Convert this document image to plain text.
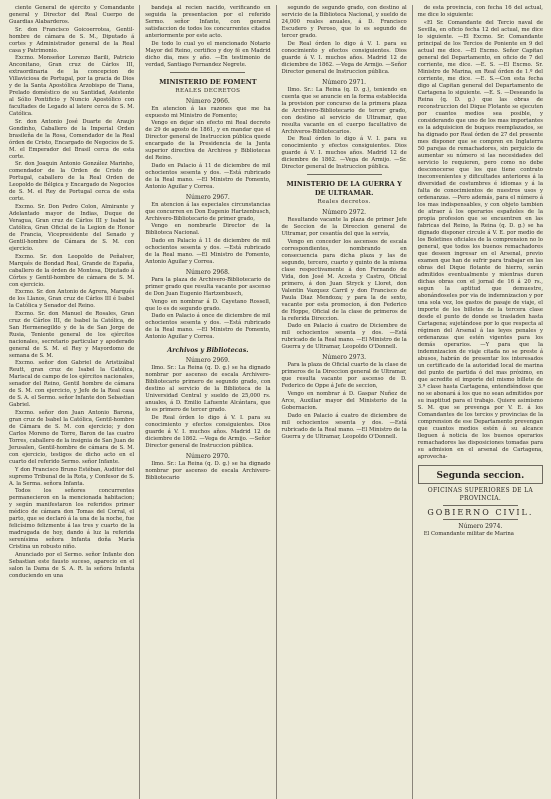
ciente General de ejército y Comandante general y Director del Real Cuerpo de Guardias Alabarderos.

Sr. don Francisco Goicoerrotea, Gentil-hombre de cámara de S. M., Diputado á cortes y Administrador general de la Real casa y Patrimonio.

Excmo. Monseñor Lorenzo Barili, Patricio Anconitano, Gran cruz de Cárlos III, extraordinaria de la concepcion de Villaviciosa de Portugal, por la gracia de Dios y de la Santa Apostólica Arzobispo de Tiana, Prelado doméstico de su Santidad, Asistente al Sólio Pontificio y Nuncio Apostólico con facultades de Legado al latere cerca de S. M. Católica.

Sr. don Antonio José Duarte de Araujo Gondinho, Caballero de la Imperial Orden brasileña de la Rosa, Comendador de la Real órden de Cristo, Encargado de Negocios de S. M. el Emperador del Brasil cerca de esta corte.

Sr. don Joaquin Antonio González Marinho, comendador de la Orden de Cristo de Portugal, caballero de la Real Orden de Leopoldo de Bélgica y Encargado de Negocios de S. M. el Rey de Portugal cerca de esta corte.

Excmo. Sr. Don Pedro Colon, Almirante y Adelantado mayor de Indias, Duque de Veragua, Gran cruz de Cárlos III y Isabel la Católica, Gran Oficial de la Legion de Honor de Francia, Vicepresidente del Senado y Gentil-hombre de Cámara de S. M. con ejercicio.

Excmo. Sr. don Leopoldo de Peñalver, Marqués de Bondad Real, Grande de España, caballero de la órden de Montesa, Diputado á Córtes y Gentil-hombre de cámara de S. M. con ejercicio.

Excmo. Sr. don Antonio de Agrera, Marqués de los Llanos, Gran cruz de Cárlos III é Isabel la Católica y Senador del Reino.

Excmo. Sr. don Manuel de Rosales, Gran cruz de Cárlos III, de Isabel la Católica, de San Hermenegildo y de la de San Jorge de Rusia, Teniente general de los ejércitos nacionales, secretario particular y apoderado general de S. M. el Rey y Mayordomo de semana de S. M.

Excmo. señor don Gabriel de Aristizábal Reutt, gran cruz de Isabel la Católica, Mariscal de campo de los ejércitos nacionales, senador del Reino, Gentil hombre de cámara de S. M. con ejercicio, y Jefe de la Real casa de S. A. el Sermo. señor Infante don Sebastian Gabriel.

Excmo. señor don Juan Antonio Barona, gran cruz de Isabel la Católica, Gentil-hombre de Cámara de S. M. con ejercicio; y don Carlos Moreno de Torre, Baron de las cuatro Torres, caballero de la insignia de San Juan de Jerusalen, Gentil-hombre de cámara de S. M. con ejercicio, testigos de dicho acto en el cuarto del referido Sermo. señor Infante.

Y don Francisco Bruno Estéban, Auditor del supremo Tribunal de la Rota, y Confesor de S. A. la Serma. señora Infanta.

Todos los señores concurrentes permanecieron en la mencionada habitacion; y según manifestaron los referidos primer médico de cámara don Tomas del Corral, el parto, que se declaró á la una de la noche, fue felicísimo felizmente á las tres y cuarto de la madrugada de hoy, dando á luz la referida serenísima señora Infanta doña María Cristina un robusto niño.

Anunciado por el Sermo. señor Infante don Sebastian este fausto suceso, aparecio en el salon la Dama de S. A. R. la señora Infanta conduciendo en una

bandeja al recien nacido, verificando en seguida la presentacion por el referido Sermo. señor Infante, con general satisfaccion de todos los concurrentes citados anteriormente por este acto.

De todo lo cual yo el mencionado Notario Mayor del Reino, certifico y doy fé en Madrid dicho dia, mes y año. —En testimonio de verdad, Santiago Fernandez Negrete.

MINISTERIO DE FOMENT
REALES DECRETOS
Número 2966.

En atencion á las razones que me ha expuesto mi Ministro de Fomento;

Vengo en dejar sin efecto mi Real decreto de 29 de agosto de 1861, y en mandar que el Director general de Instruccion pública quede encargado de la Presidencia de la Junta superior directiva de Archivos y Bibliotecas del Reino.

Dado en Palacio á 11 de diciembre de mil ochocientos sesenta y dos. —Está rubricado de la Real mano. —El Ministro de Fomento, Antonio Aguilar y Correa.

Número 2967.

En atencion á las especiales circunstancias que concurren en Don Eugenio Hartzenbusch, Archivero-Bibliotecario de primer grado,

Vengo en nombrarle Director de la Biblioteca Nacional.

Dado en Palacio á 11 de diciembre de mil ochocientos sesenta y dos. —Está rubricado de la Real mano. —El Ministro de Fomento, Antonio Aguilar y Correa.

Número 2968.

Para la plaza de Archivero-Bibliotecario de primer grado que resulta vacante por ascenso de Don Juan Eugenio Hartzenbusch,

Vengo en nombrar á D. Cayetano Rossell, que lo es de segundo grado.

Dado en Palacio á once de diciembre de mil ochocientos sesenta y dos. —Está rubricado de la Real mano. —El Ministro de Fomento, Antonio Aguilar y Correa.

Archivos y Bibliotecas.
Número 2969.

Ilmo. Sr.: La Reina (q. D. g.) se ha dignado nombrar por ascenso de escala Archivero-Bibliotecario primero de segundo grado, con destino al servicio de la Biblioteca de la Universidad Central y sueldo de 25,000 rs. anuales, á D. Emilio Lafuente Alcántara, que lo es primero de tercer grado.

De Real órden lo digo á V. I. para su conocimiento y efectos consiguientes. Dios guarde á V. I. muchos años. Madrid 12 de diciembre de 1862. —Vega de Armijo. —Señor Director general de Instruccion pública.

Número 2970.

Ilmo. Sr.: La Reina (q. D. g.) se ha dignado nombrar por ascenso de escala Archivero-Bibliotecario

segundo de segundo grado, con destino al servicio de la Biblioteca Nacional, y sueldo de 24,000 reales anuales, á D. Francisco Escudero y Peroso, que lo es segundo de tercer grado.

De Real órden lo digo á V. I. para su conocimiento y efectos consiguientes. Dios guarde á V. I. muchos años. Madrid 12 de diciembre de 1862. —Vega de Armijo. —Señor Director general de Instruccion pública.

Número 2971.

Ilmo. Sr.: La Reina (q. D. g.), teniendo en cuenta que se anuncie en la forma establecida la provision por concurso de la primera plaza de Archivero-Bibliotecario de tercer grado, con destino al servicio de Ultramar, que resulta vacante en el cuerpo facultativo de Archiveros-Bibliotecarios.

De Real órden lo digo á V. I. para su conocimiento y efectos consiguientes. Dios guarde á V. I. muchos años. Madrid 12 de diciembre de 1862. —Vega de Armijo. —Sr. Director general de Instruccion pública.

MINISTERIO DE LA GUERRA Y DE ULTRAMAR.
Reales decretos.
Número 2972.

Resultando vacante la plaza de primer Jefe de Seccion de la Direccion general de Ultramar, por cesantía del que la servía,

Vengo en conceder los ascensos de escala correspondientes, nombrando en consecuencia para dicha plaza y las de segundo, tercero, cuarto y quinto de la misma clase respectivamente á don Fernando de Vida, don José M. Acosta y Castro, Oficial primero, á don Juan Stryck y Lloret, don Valentin Vazquez Carril y don Francisco de Paula Diaz Mendoza; y para la de sexto, vacante por esta promocion, á don Federico de Hoppe, Oficial de la clase de primeros de la referida Direccion.

Dado en Palacio á cuatro de Diciembre de mil ochocientos sesenta y dos. —Está rubricado de la Real mano. —El Ministro de la Guerra y de Ultramar, Leopoldo O'Donnell.

Número 2973.

Para la plaza de Oficial cuarto de la clase de primeros de la Direccion general de Ultramar, que resulta vacante por ascenso de D. Federico de Oppe á Jefe de seccion,

Vengo en nombrar á D. Gaspar Nuñez de Arce, Auxiliar mayor del Ministerio de la Gobernacion.

Dado en Palacio á cuatro de diciembre de mil ochocientos sesenta y dos. —Está rubricado de la Real mano. —El Ministro de la Guerra y de Ultramar, Leopoldo O'Donnell.

de esta provincia, con fecha 16 del actual, me dice lo siguiente:

«El Sr. Comandante del Tercio naval de Sevilla, en oficio fecha 12 del actual, me dice lo siguiente. —El Excmo. Sr. Comandante principal de los Tercios de Poniente en 9 del actual me dice. —El Excmo. Señor Capitan general del Departamento, en oficio de 7 del corriente, me dice. —E. S. —El Excmo. Sr. Ministro de Marina, en Real órden de 1.º del corriente, me dice. —E. S.—Con esta fecha digo al Capitan general del Departamento de Cartagena lo siguiente. —E. S. —Deseando la Reina (q. D. g.) que las obras de reconstruccion del Dique Flotante se ejecuten por cuantos medios sea posible, y considerando que uno de los mas importantes es la adquisicion de buques reemplazados, se ha dignado por Real órden de 27 del presente mes disponer que se compren en Inglaterra 50 parejas de remachadores, sin perjuicio de aumentar su número si las necesidades del servicio lo requieren, pero como no debe desconocerse que los que tiene contrato ineconvenientes y dificultades anteriores á la diversidad de costumbres é idiomas y á la falta de conocimientos de nuestros usos y ordenanzas. —Pero además, para el número á los mas indispensables, y con objeto tambien de atraer á los operarios españoles de la propia profesion que se encuentren en las fabricas del Reino, la Reina (q. D. g.) se ha dignado disponer circule á V. E. por medio de los Boletines oficiales de la comprension no lo general, que todos los buenos remachadores que deseen ingresar en el Arsenal, previo examen que han de sufrir para trabajar en las obras del Dique flotante de hierro, serán admitidos eventualmente y mientras duren dichas obras con el jornal de 16 á 20 rs., segun la aptitud que demuestre, abonándoseles por via de indemnizacion y por una sola vez, los gastos de pasaje de viaje, el importe de los billetes de la tercera clase desde el punto de donde se trasladen hasta Cartagena; sujetándose por lo que respecta al régimen del Arsenal á las leyes penales y ordenanzas que estén vigentes para los demás operarios. —Y para que la indemnizacion de viaje citada no se preste á abusos, habrán de presentar los interesados un certificado de la autoridad local de marina del punto de partida ó del mas próximo, en que acredite el importe del mismo billete de 3.ª clase hasta Cartagena, entendiéndose que no se abonará á los que no sean admitidos por su inaptitud para el trabajo. Quiere asimismo S. M. que se prevenga por V. E. á los Comandantes de los tercios y provincias de la comprension de ese Departamento prevengan que cuantos medios estén á su alcance lleguen á noticia de los buenos operarios remachadores las disposiciones tomadas para su admision en el arsenal de Cartagena, aprovecha-

Segunda seccion.
OFICINAS SUPERIORES DE LA
PROVINCIA.
GOBIERNO CIVIL.
Número 2974.

El Comandante militar de Marina
